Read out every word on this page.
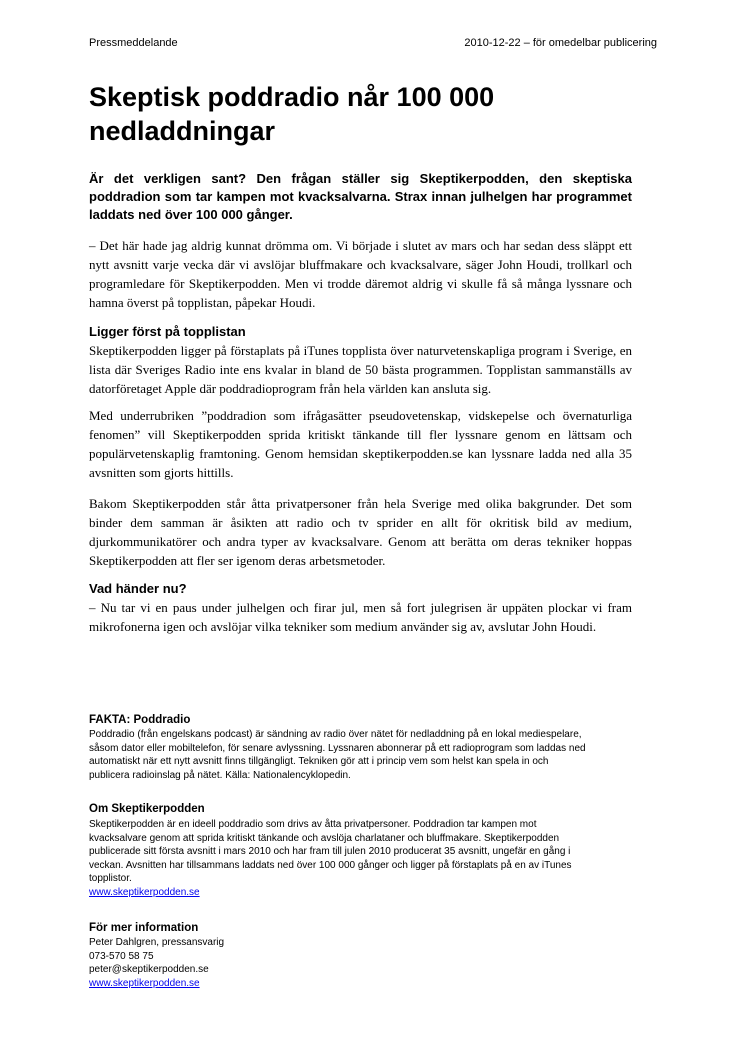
Pressmeddelande	2010-12-22 – för omedelbar publicering
Skeptisk poddradio når 100 000 nedladdningar

Är det verkligen sant? Den frågan ställer sig Skeptikerpodden, den skeptiska poddradion som tar kampen mot kvacksalvarna. Strax innan julhelgen har programmet laddats ned över 100 000 gånger.

– Det här hade jag aldrig kunnat drömma om. Vi började i slutet av mars och har sedan dess släppt ett nytt avsnitt varje vecka där vi avslöjar bluffmakare och kvacksalvare, säger John Houdi, trollkarl och programledare för Skeptikerpodden. Men vi trodde däremot aldrig vi skulle få så många lyssnare och hamna överst på topplistan, påpekar Houdi.

Ligger först på topplistan

Skeptikerpodden ligger på förstaplats på iTunes topplista över naturvetenskapliga program i Sverige, en lista där Sveriges Radio inte ens kvalar in bland de 50 bästa programmen. Topplistan sammanställs av datorföretaget Apple där poddradioprogram från hela världen kan ansluta sig.

Med underrubriken ”poddradion som ifrågasätter pseudovetenskap, vidskepelse och övernaturliga fenomen” vill Skeptikerpodden sprida kritiskt tänkande till fler lyssnare genom en lättsam och populärvetenskaplig framtoning. Genom hemsidan skeptikerpodden.se kan lyssnare ladda ned alla 35 avsnitten som gjorts hittills.

Bakom Skeptikerpodden står åtta privatpersoner från hela Sverige med olika bakgrunder. Det som binder dem samman är åsikten att radio och tv sprider en allt för okritisk bild av medium, djurkommunikatörer och andra typer av kvacksalvare. Genom att berätta om deras tekniker hoppas Skeptikerpodden att fler ser igenom deras arbetsmetoder.

Vad händer nu?

– Nu tar vi en paus under julhelgen och firar jul, men så fort julegrisen är uppäten plockar vi fram mikrofonerna igen och avslöjar vilka tekniker som medium använder sig av, avslutar John Houdi.

FAKTA: Poddradio

Poddradio (från engelskans podcast) är sändning av radio över nätet för nedladdning på en lokal mediespelare, såsom dator eller mobiltelefon, för senare avlyssning. Lyssnaren abonnerar på ett radioprogram som laddas ned automatiskt när ett nytt avsnitt finns tillgängligt. Tekniken gör att i princip vem som helst kan spela in och publicera radioinslag på nätet. Källa: Nationalencyklopedin.

Om Skeptikerpodden
Skeptikerpodden är en ideell poddradio som drivs av åtta privatpersoner. Poddradion tar kampen mot kvacksalvare genom att sprida kritiskt tänkande och avslöja charlataner och bluffmakare. Skeptikerpodden publicerade sitt första avsnitt i mars 2010 och har fram till julen 2010 producerat 35 avsnitt, ungefär en gång i veckan. Avsnitten har tillsammans laddats ned över 100 000 gånger och ligger på förstaplats på en av iTunes topplistor.
www.skeptikerpodden.se
För mer information
Peter Dahlgren, pressansvarig
073-570 58 75
peter@skeptikerpodden.se
www.skeptikerpodden.se
